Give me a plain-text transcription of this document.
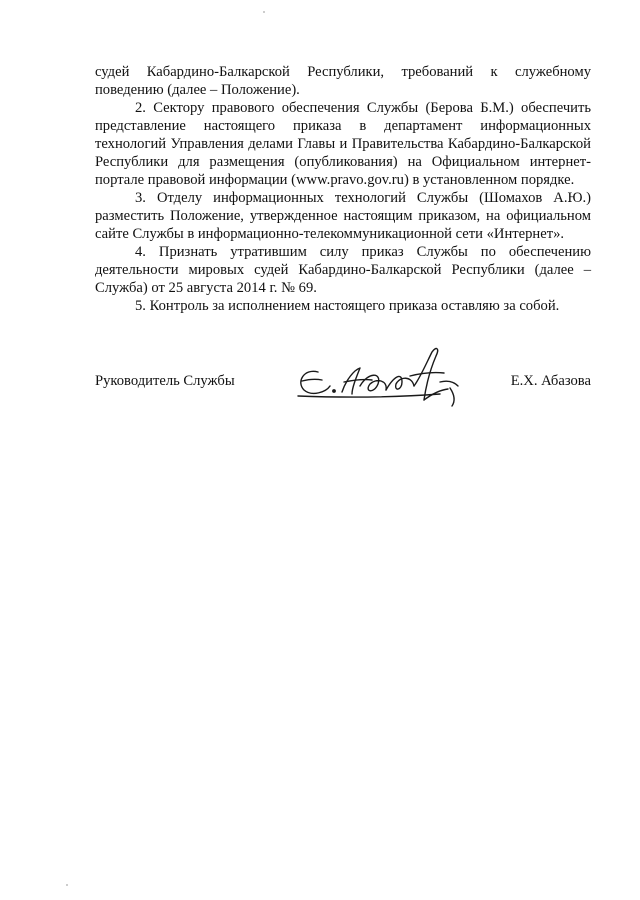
судей Кабардино-Балкарской Республики, требований к служебному поведению (далее – Положение).

2. Сектору правового обеспечения Службы (Берова Б.М.) обеспечить представление настоящего приказа в департамент информационных технологий Управления делами Главы и Правительства Кабардино-Балкарской Республики для размещения (опубликования) на Официальном интернет-портале правовой информации (www.pravo.gov.ru) в установленном порядке.

3. Отделу информационных технологий Службы (Шомахов А.Ю.) разместить Положение, утвержденное настоящим приказом, на официальном сайте Службы в информационно-телекоммуникационной сети «Интернет».

4. Признать утратившим силу приказ Службы по обеспечению деятельности мировых судей Кабардино-Балкарской Республики (далее – Служба) от 25 августа 2014 г. № 69.

5. Контроль за исполнением настоящего приказа оставляю за собой.

Руководитель Службы	Е.Х. Абазова
